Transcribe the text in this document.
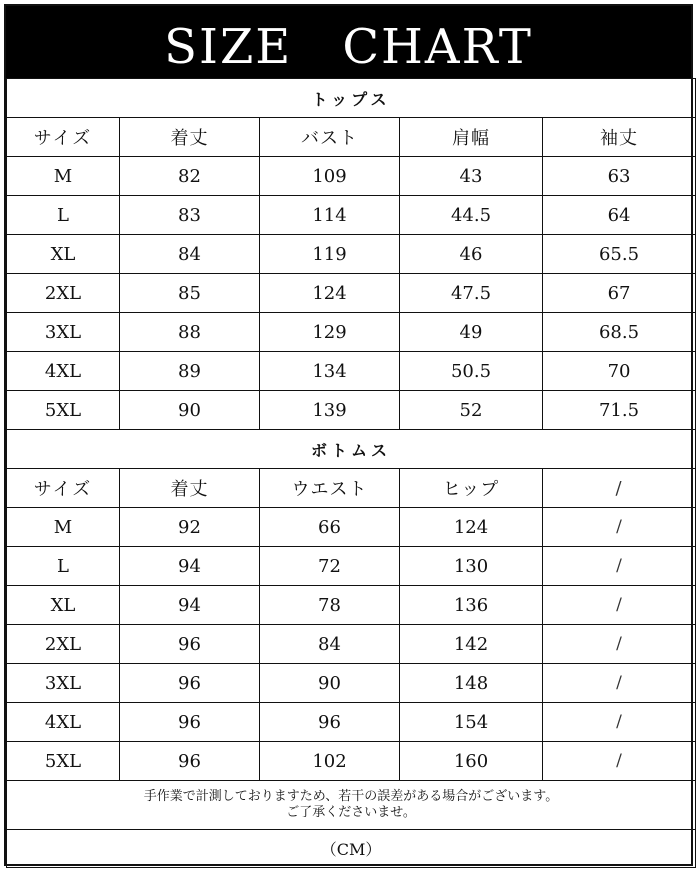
SIZE　CHART
トップス				
サイズ	着丈	バスト	肩幅	袖丈
M	82	109	43	63
L	83	114	44.5	64
XL	84	119	46	65.5
2XL	85	124	47.5	67
3XL	88	129	49	68.5
4XL	89	134	50.5	70
5XL	90	139	52	71.5
ボトムス				
サイズ	着丈	ウエスト	ヒップ	/
M	92	66	124	/
L	94	72	130	/
XL	94	78	136	/
2XL	96	84	142	/
3XL	96	90	148	/
4XL	96	96	154	/
5XL	96	102	160	/

手作業で計測しておりますため、若干の誤差がある場合がございます。
ご了承くださいませ。				

（CM）				
